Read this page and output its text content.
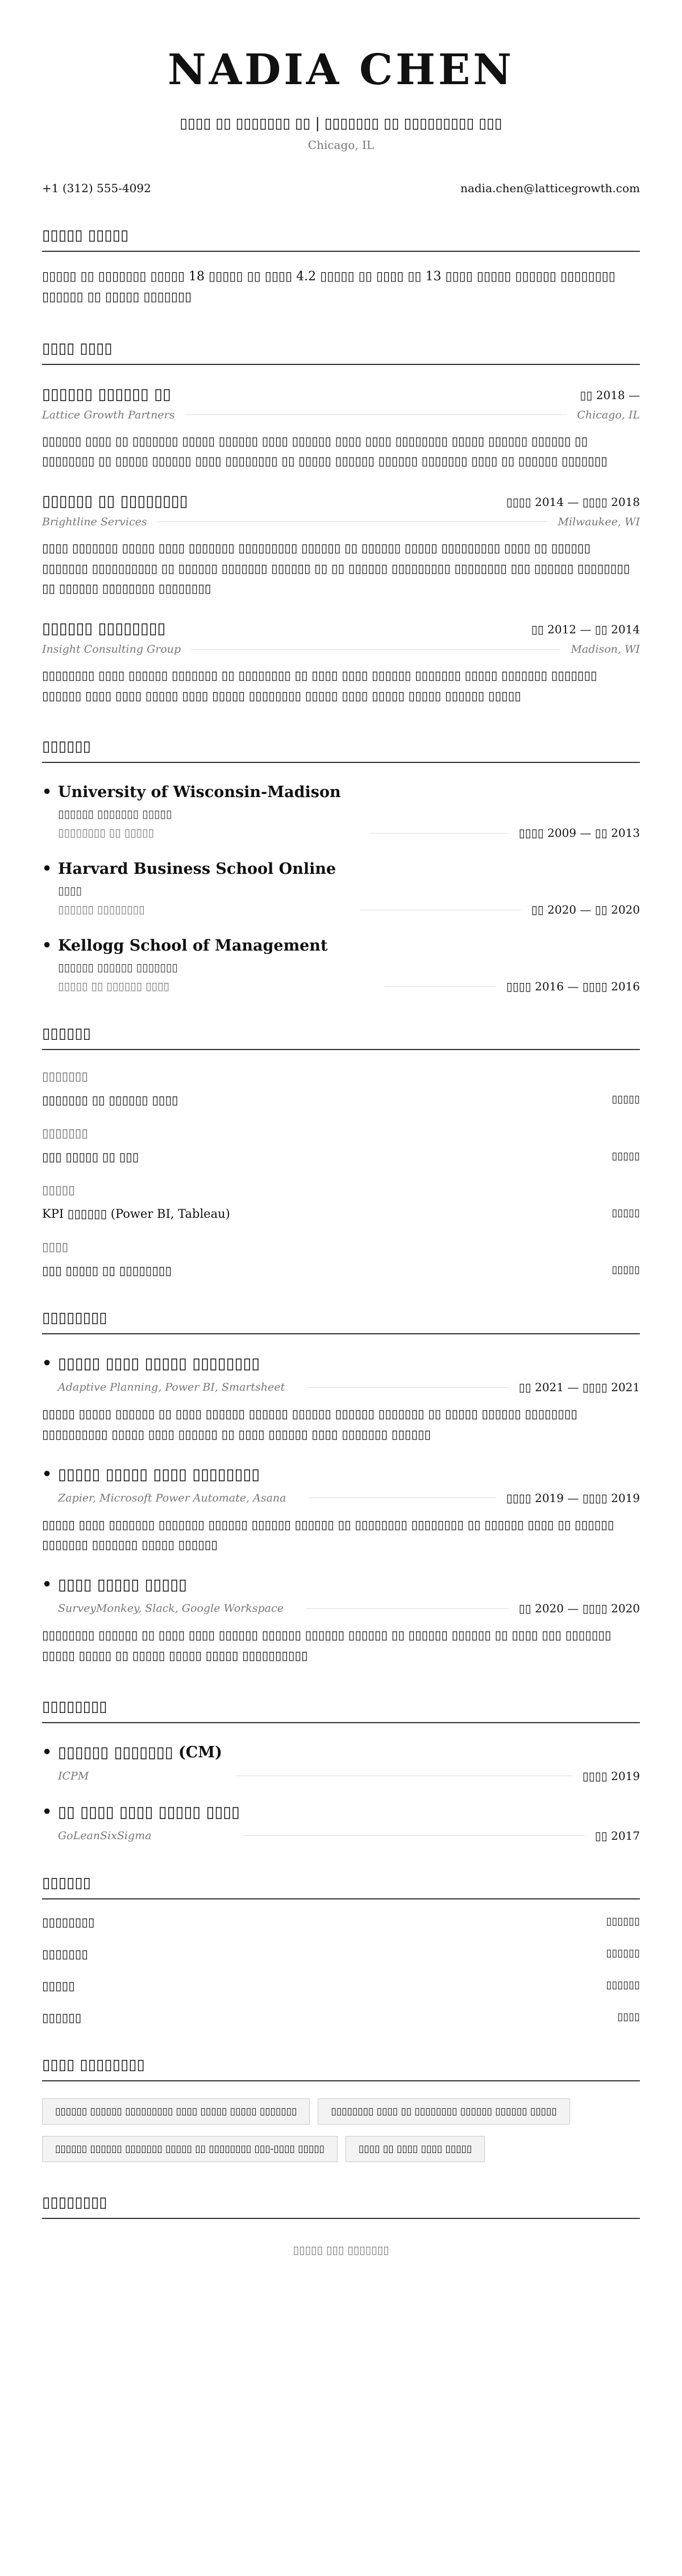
NADIA CHEN
▯▯▯▯ ▯▯ ▯▯▯▯▯▯▯ ▯▯ | ▯▯▯▯▯▯▯ ▯▯ ▯▯▯▯▯▯▯▯▯ ▯▯▯
Chicago, IL
+1 (312) 555-4092	nadia.chen@latticegrowth.com
▯▯▯▯▯ ▯▯▯▯▯
▯▯▯▯▯ ▯▯ ▯▯▯▯▯▯▯ ▯▯▯▯▯ 18 ▯▯▯▯▯ ▯▯ ▯▯▯▯ 4.2 ▯▯▯▯▯ ▯▯ ▯▯▯▯ ▯▯ 13 ▯▯▯▯ ▯▯▯▯▯ ▯▯▯▯▯▯ ▯▯▯▯▯▯▯▯ ▯▯▯▯▯▯ ▯▯ ▯▯▯▯▯ ▯▯▯▯▯▯▯
▯▯▯▯ ▯▯▯▯
▯▯▯▯▯▯ ▯▯▯▯▯▯ ▯▯	▯▯ 2018 —
Lattice Growth Partners	Chicago, IL
▯▯▯▯▯▯ ▯▯▯▯ ▯▯ ▯▯▯▯▯▯▯ ▯▯▯▯▯ ▯▯▯▯▯▯ ▯▯▯▯ ▯▯▯▯▯▯ ▯▯▯▯ ▯▯▯▯ ▯▯▯▯▯▯▯▯ ▯▯▯▯▯ ▯▯▯▯▯▯ ▯▯▯▯▯▯ ▯▯ ▯▯▯▯▯▯▯▯ ▯▯ ▯▯▯▯▯ ▯▯▯▯▯▯ ▯▯▯▯ ▯▯▯▯▯▯▯▯ ▯▯ ▯▯▯▯▯ ▯▯▯▯▯▯ ▯▯▯▯▯▯ ▯▯▯▯▯▯▯ ▯▯▯▯ ▯▯ ▯▯▯▯▯▯ ▯▯▯▯▯▯▯
▯▯▯▯▯▯ ▯▯ ▯▯▯▯▯▯▯▯	▯▯▯▯ 2014 — ▯▯▯▯ 2018
Brightline Services	Milwaukee, WI
▯▯▯▯ ▯▯▯▯▯▯▯ ▯▯▯▯▯ ▯▯▯▯ ▯▯▯▯▯▯▯ ▯▯▯▯▯▯▯▯▯ ▯▯▯▯▯▯ ▯▯ ▯▯▯▯▯▯ ▯▯▯▯▯ ▯▯▯▯▯▯▯▯▯ ▯▯▯▯ ▯▯ ▯▯▯▯▯▯ ▯▯▯▯▯▯▯ ▯▯▯▯▯▯▯▯▯▯ ▯▯ ▯▯▯▯▯▯ ▯▯▯▯▯▯▯ ▯▯▯▯▯▯ ▯▯ ▯▯ ▯▯▯▯▯▯ ▯▯▯▯▯▯▯▯▯ ▯▯▯▯▯▯▯▯ ▯▯▯ ▯▯▯▯▯▯ ▯▯▯▯▯▯▯▯ ▯▯ ▯▯▯▯▯▯ ▯▯▯▯▯▯▯▯ ▯▯▯▯▯▯▯▯
▯▯▯▯▯▯ ▯▯▯▯▯▯▯▯	▯▯ 2012 — ▯▯ 2014
Insight Consulting Group	Madison, WI
▯▯▯▯▯▯▯▯ ▯▯▯▯ ▯▯▯▯▯▯ ▯▯▯▯▯▯▯ ▯▯ ▯▯▯▯▯▯▯▯ ▯▯ ▯▯▯▯ ▯▯▯▯ ▯▯▯▯▯▯ ▯▯▯▯▯▯▯ ▯▯▯▯▯ ▯▯▯▯▯▯▯ ▯▯▯▯▯▯▯ ▯▯▯▯▯▯ ▯▯▯▯ ▯▯▯▯ ▯▯▯▯▯ ▯▯▯▯ ▯▯▯▯▯ ▯▯▯▯▯▯▯▯ ▯▯▯▯▯ ▯▯▯▯ ▯▯▯▯▯ ▯▯▯▯▯ ▯▯▯▯▯▯ ▯▯▯▯▯
▯▯▯▯▯▯
• University of Wisconsin-Madison
▯▯▯▯▯▯ ▯▯▯▯▯▯▯ ▯▯▯▯▯
▯▯▯▯▯▯▯▯ ▯▯ ▯▯▯▯▯	▯▯▯▯ 2009 — ▯▯ 2013
• Harvard Business School Online
▯▯▯▯
▯▯▯▯▯▯ ▯▯▯▯▯▯▯▯	▯▯ 2020 — ▯▯ 2020
• Kellogg School of Management
▯▯▯▯▯▯ ▯▯▯▯▯▯ ▯▯▯▯▯▯▯
▯▯▯▯▯ ▯▯ ▯▯▯▯▯▯ ▯▯▯▯	▯▯▯▯ 2016 — ▯▯▯▯ 2016
▯▯▯▯▯▯
▯▯▯▯▯▯▯
▯▯▯▯▯▯▯ ▯▯ ▯▯▯▯▯▯ ▯▯▯▯	▯▯▯▯▯
▯▯▯▯▯▯▯
▯▯▯ ▯▯▯▯▯ ▯▯ ▯▯▯	▯▯▯▯▯
▯▯▯▯▯
KPI ▯▯▯▯▯▯ (Power BI, Tableau)	▯▯▯▯▯
▯▯▯▯
▯▯▯ ▯▯▯▯▯ ▯▯ ▯▯▯▯▯▯▯▯	▯▯▯▯▯
▯▯▯▯▯▯▯▯
• ▯▯▯▯▯ ▯▯▯▯ ▯▯▯▯▯ ▯▯▯▯▯▯▯▯
Adaptive Planning, Power BI, Smartsheet	▯▯ 2021 — ▯▯▯▯ 2021
▯▯▯▯▯ ▯▯▯▯▯ ▯▯▯▯▯▯ ▯▯ ▯▯▯▯ ▯▯▯▯▯▯ ▯▯▯▯▯▯ ▯▯▯▯▯▯ ▯▯▯▯▯▯ ▯▯▯▯▯▯▯ ▯▯ ▯▯▯▯▯ ▯▯▯▯▯▯ ▯▯▯▯▯▯▯▯ ▯▯▯▯▯▯▯▯▯▯ ▯▯▯▯▯ ▯▯▯▯ ▯▯▯▯▯▯ ▯▯ ▯▯▯▯ ▯▯▯▯▯▯ ▯▯▯▯ ▯▯▯▯▯▯▯ ▯▯▯▯▯▯
• ▯▯▯▯▯ ▯▯▯▯▯ ▯▯▯▯ ▯▯▯▯▯▯▯▯
Zapier, Microsoft Power Automate, Asana	▯▯▯▯ 2019 — ▯▯▯▯ 2019
▯▯▯▯▯ ▯▯▯▯ ▯▯▯▯▯▯▯ ▯▯▯▯▯▯▯ ▯▯▯▯▯▯ ▯▯▯▯▯▯ ▯▯▯▯▯▯ ▯▯ ▯▯▯▯▯▯▯▯ ▯▯▯▯▯▯▯▯ ▯▯ ▯▯▯▯▯▯ ▯▯▯▯ ▯▯ ▯▯▯▯▯▯ ▯▯▯▯▯▯▯ ▯▯▯▯▯▯▯ ▯▯▯▯▯ ▯▯▯▯▯▯
• ▯▯▯▯ ▯▯▯▯▯ ▯▯▯▯▯
SurveyMonkey, Slack, Google Workspace	▯▯ 2020 — ▯▯▯▯ 2020
▯▯▯▯▯▯▯▯ ▯▯▯▯▯▯ ▯▯ ▯▯▯▯ ▯▯▯▯ ▯▯▯▯▯▯ ▯▯▯▯▯▯ ▯▯▯▯▯▯ ▯▯▯▯▯▯ ▯▯ ▯▯▯▯▯▯ ▯▯▯▯▯▯ ▯▯ ▯▯▯▯ ▯▯▯ ▯▯▯▯▯▯▯ ▯▯▯▯▯ ▯▯▯▯▯ ▯▯ ▯▯▯▯▯ ▯▯▯▯▯ ▯▯▯▯▯ ▯▯▯▯▯▯▯▯▯▯
▯▯▯▯▯▯▯▯
• ▯▯▯▯▯▯ ▯▯▯▯▯▯▯ (CM)
ICPM	▯▯▯▯ 2019
• ▯▯ ▯▯▯▯ ▯▯▯▯ ▯▯▯▯▯ ▯▯▯▯
GoLeanSixSigma	▯▯ 2017
▯▯▯▯▯▯
▯▯▯▯▯▯▯▯	▯▯▯▯▯▯
▯▯▯▯▯▯▯	▯▯▯▯▯▯
▯▯▯▯▯	▯▯▯▯▯▯
▯▯▯▯▯▯	▯▯▯▯
▯▯▯▯ ▯▯▯▯▯▯▯▯
▯▯▯▯▯▯ ▯▯▯▯▯▯ ▯▯▯▯▯▯▯▯▯ ▯▯▯▯ ▯▯▯▯▯ ▯▯▯▯▯ ▯▯▯▯▯▯▯	▯▯▯▯▯▯▯▯ ▯▯▯▯ ▯▯ ▯▯▯▯▯▯▯▯ ▯▯▯▯▯▯ ▯▯▯▯▯▯ ▯▯▯▯▯
▯▯▯▯▯▯ ▯▯▯▯▯▯ ▯▯▯▯▯▯▯ ▯▯▯▯▯ ▯▯ ▯▯▯▯▯▯▯▯ ▯▯▯-▯▯▯▯ ▯▯▯▯▯	▯▯▯▯ ▯▯ ▯▯▯▯ ▯▯▯▯ ▯▯▯▯▯
▯▯▯▯▯▯▯▯
▯▯▯▯▯ ▯▯▯ ▯▯▯▯▯▯▯
